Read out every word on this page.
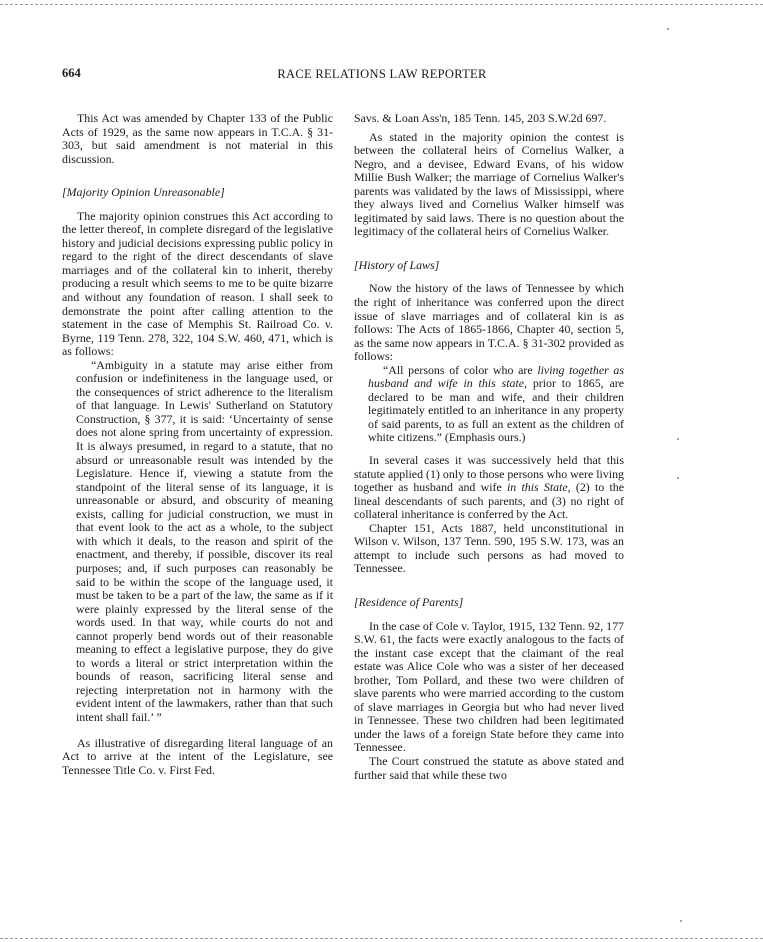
664	RACE RELATIONS LAW REPORTER

This Act was amended by Chapter 133 of the Public Acts of 1929, as the same now appears in T.C.A. § 31-303, but said amendment is not material in this discussion.

[Majority Opinion Unreasonable]

The majority opinion construes this Act according to the letter thereof, in complete disregard of the legislative history and judicial decisions expressing public policy in regard to the right of the direct descendants of slave marriages and of the collateral kin to inherit, thereby producing a result which seems to me to be quite bizarre and without any foundation of reason. I shall seek to demonstrate the point after calling attention to the statement in the case of Memphis St. Railroad Co. v. Byrne, 119 Tenn. 278, 322, 104 S.W. 460, 471, which is as follows:

“Ambiguity in a statute may arise either from confusion or indefiniteness in the language used, or the consequences of strict adherence to the literalism of that language. In Lewis' Sutherland on Statutory Construction, § 377, it is said: ‘Uncertainty of sense does not alone spring from uncertainty of expression. It is always presumed, in regard to a statute, that no absurd or unreasonable result was intended by the Legislature. Hence if, viewing a statute from the standpoint of the literal sense of its language, it is unreasonable or absurd, and obscurity of meaning exists, calling for judicial construction, we must in that event look to the act as a whole, to the subject with which it deals, to the reason and spirit of the enactment, and thereby, if possible, discover its real purposes; and, if such purposes can reasonably be said to be within the scope of the language used, it must be taken to be a part of the law, the same as if it were plainly expressed by the literal sense of the words used. In that way, while courts do not and cannot properly bend words out of their reasonable meaning to effect a legislative purpose, they do give to words a literal or strict interpretation within the bounds of reason, sacrificing literal sense and rejecting interpretation not in harmony with the evident intent of the lawmakers, rather than that such intent shall fail.’ ”

As illustrative of disregarding literal language of an Act to arrive at the intent of the Legislature, see Tennessee Title Co. v. First Fed.

Savs. & Loan Ass'n, 185 Tenn. 145, 203 S.W.2d 697.

As stated in the majority opinion the contest is between the collateral heirs of Cornelius Walker, a Negro, and a devisee, Edward Evans, of his widow Millie Bush Walker; the marriage of Cornelius Walker's parents was validated by the laws of Mississippi, where they always lived and Cornelius Walker himself was legitimated by said laws. There is no question about the legitimacy of the collateral heirs of Cornelius Walker.

[History of Laws]

Now the history of the laws of Tennessee by which the right of inheritance was conferred upon the direct issue of slave marriages and of collateral kin is as follows: The Acts of 1865-1866, Chapter 40, section 5, as the same now appears in T.C.A. § 31-302 provided as follows:

“All persons of color who are living together as husband and wife in this state, prior to 1865, are declared to be man and wife, and their children legitimately entitled to an inheritance in any property of said parents, to as full an extent as the children of white citizens.” (Emphasis ours.)

In several cases it was successively held that this statute applied (1) only to those persons who were living together as husband and wife in this State, (2) to the lineal descendants of such parents, and (3) no right of collateral inheritance is conferred by the Act.

Chapter 151, Acts 1887, held unconstitutional in Wilson v. Wilson, 137 Tenn. 590, 195 S.W. 173, was an attempt to include such persons as had moved to Tennessee.

[Residence of Parents]

In the case of Cole v. Taylor, 1915, 132 Tenn. 92, 177 S.W. 61, the facts were exactly analogous to the facts of the instant case except that the claimant of the real estate was Alice Cole who was a sister of her deceased brother, Tom Pollard, and these two were children of slave parents who were married according to the custom of slave marriages in Georgia but who had never lived in Tennessee. These two children had been legitimated under the laws of a foreign State before they came into Tennessee.

The Court construed the statute as above stated and further said that while these two
